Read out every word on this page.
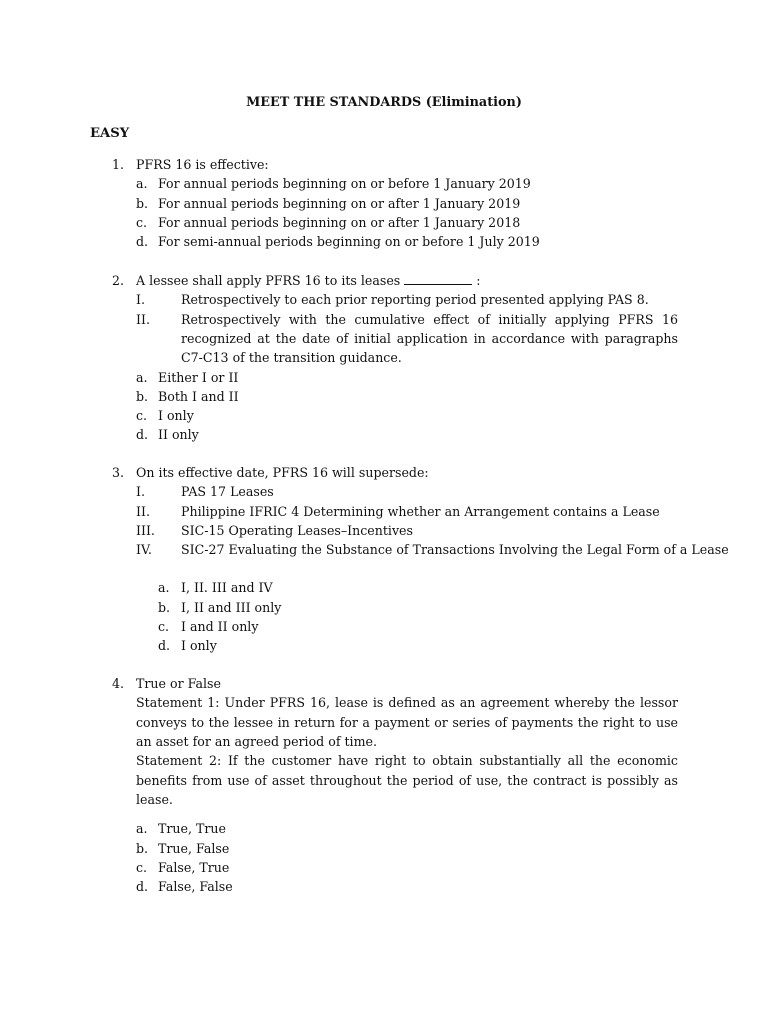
MEET THE STANDARDS (Elimination)
EASY
1. PFRS 16 is effective:
a. For annual periods beginning on or before 1 January 2019
b. For annual periods beginning on or after 1 January 2019
c. For annual periods beginning on or after 1 January 2018
d. For semi-annual periods beginning on or before 1 July 2019
2. A lessee shall apply PFRS 16 to its leases	:
I.	Retrospectively to each prior reporting period presented applying PAS 8.
II. Retrospectively with the cumulative effect of initially applying PFRS 16 recognized at the date of initial application in accordance with paragraphs C7-C13 of the transition guidance.
a. Either I or II
b. Both I and II
c. I only
d. II only
3. On its effective date, PFRS 16 will supersede:
I.	PAS 17 Leases
II. Philippine IFRIC 4 Determining whether an Arrangement contains a Lease
III. SIC-15 Operating Leases–Incentives
IV. SIC-27 Evaluating the Substance of Transactions Involving the Legal Form of a Lease
a. I, II. III and IV
b. I, II and III only
c. I and II only
d. I only
4. True or False
Statement 1: Under PFRS 16, lease is defined as an agreement whereby the lessor conveys to the lessee in return for a payment or series of payments the right to use an asset for an agreed period of time.
Statement 2: If the customer have right to obtain substantially all the economic benefits from use of asset throughout the period of use, the contract is possibly as lease.
a. True, True
b. True, False
c. False, True
d. False, False
